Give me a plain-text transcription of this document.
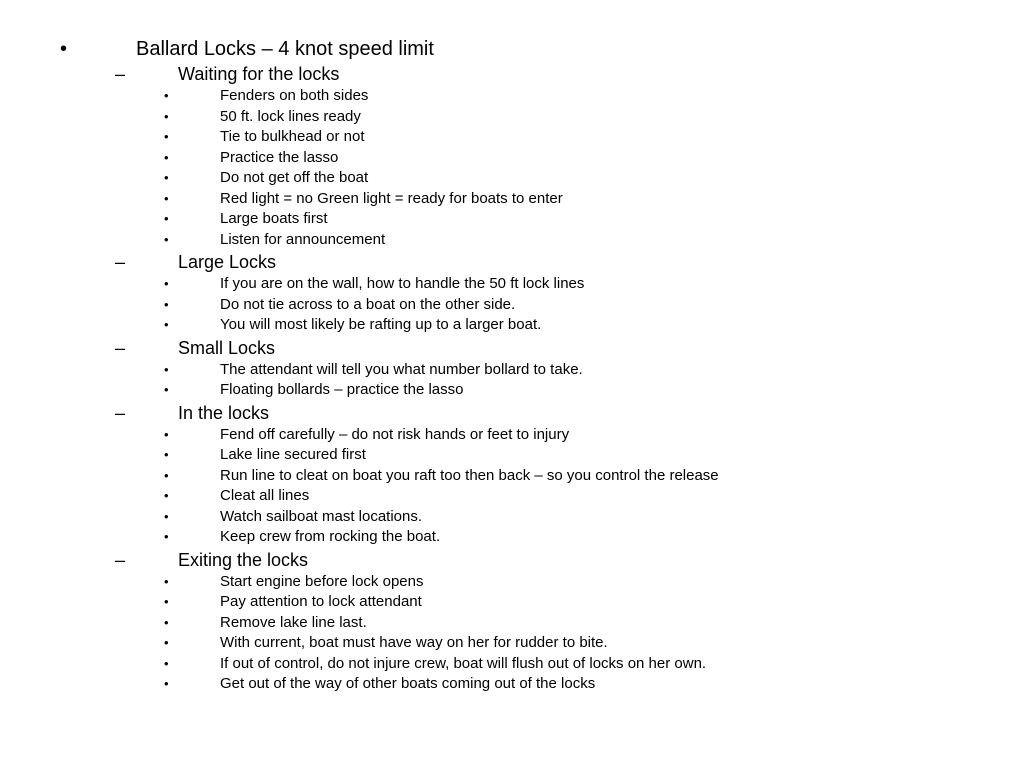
•	Ballard Locks – 4 knot speed limit
–	Waiting for the locks
•	Fenders on both sides
•	50 ft. lock lines ready
•	Tie to bulkhead or not
•	Practice the lasso
•	Do not get off the boat
•	Red light = no Green light = ready for boats to enter
•	Large boats first
•	Listen for announcement
–	Large Locks
•	If you are on the wall, how to handle the 50 ft lock lines
•	Do not tie across to a boat on the other side.
•	You will most likely be rafting up to a larger boat.
–	Small Locks
•	The attendant will tell you what number bollard to take.
•	Floating bollards – practice the lasso
–	In the locks
•	Fend off carefully – do not risk hands or feet to injury
•	Lake line secured first
•	Run line to cleat on boat you raft too then back – so you control the release
•	Cleat all lines
•	Watch sailboat mast locations.
•	Keep crew from rocking the boat.
–	Exiting the locks
•	Start engine before lock opens
•	Pay attention to lock attendant
•	Remove lake line last.
•	With current, boat must have way on her for rudder to bite.
•	If out of control, do not injure crew, boat will flush out of locks on her own.
•	Get out of the way of other boats coming out of the locks
